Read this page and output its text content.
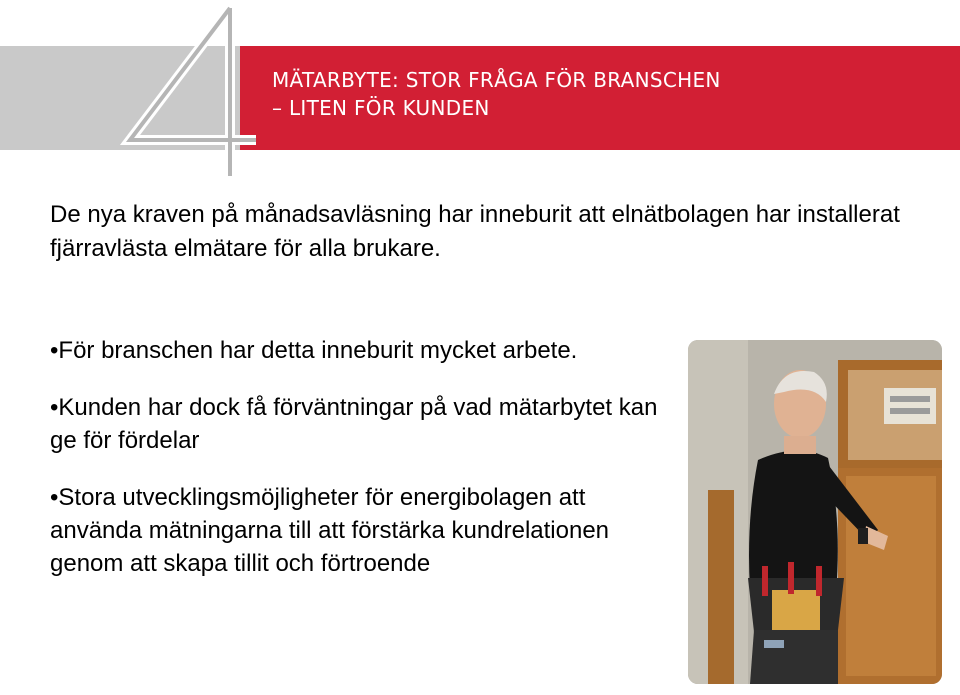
MÄTARBYTE: STOR FRÅGA FÖR BRANSCHEN
– LITEN FÖR KUNDEN

De nya kraven på månadsavläsning har inneburit att elnätbolagen har installerat fjärravlästa elmätare för alla brukare.

•För branschen har detta inneburit mycket arbete.
•Kunden har dock få förväntningar på vad mätarbytet kan ge för fördelar
•Stora utvecklingsmöjligheter för energibolagen att använda mätningarna till att förstärka kundrelationen genom att skapa tillit och förtroende
